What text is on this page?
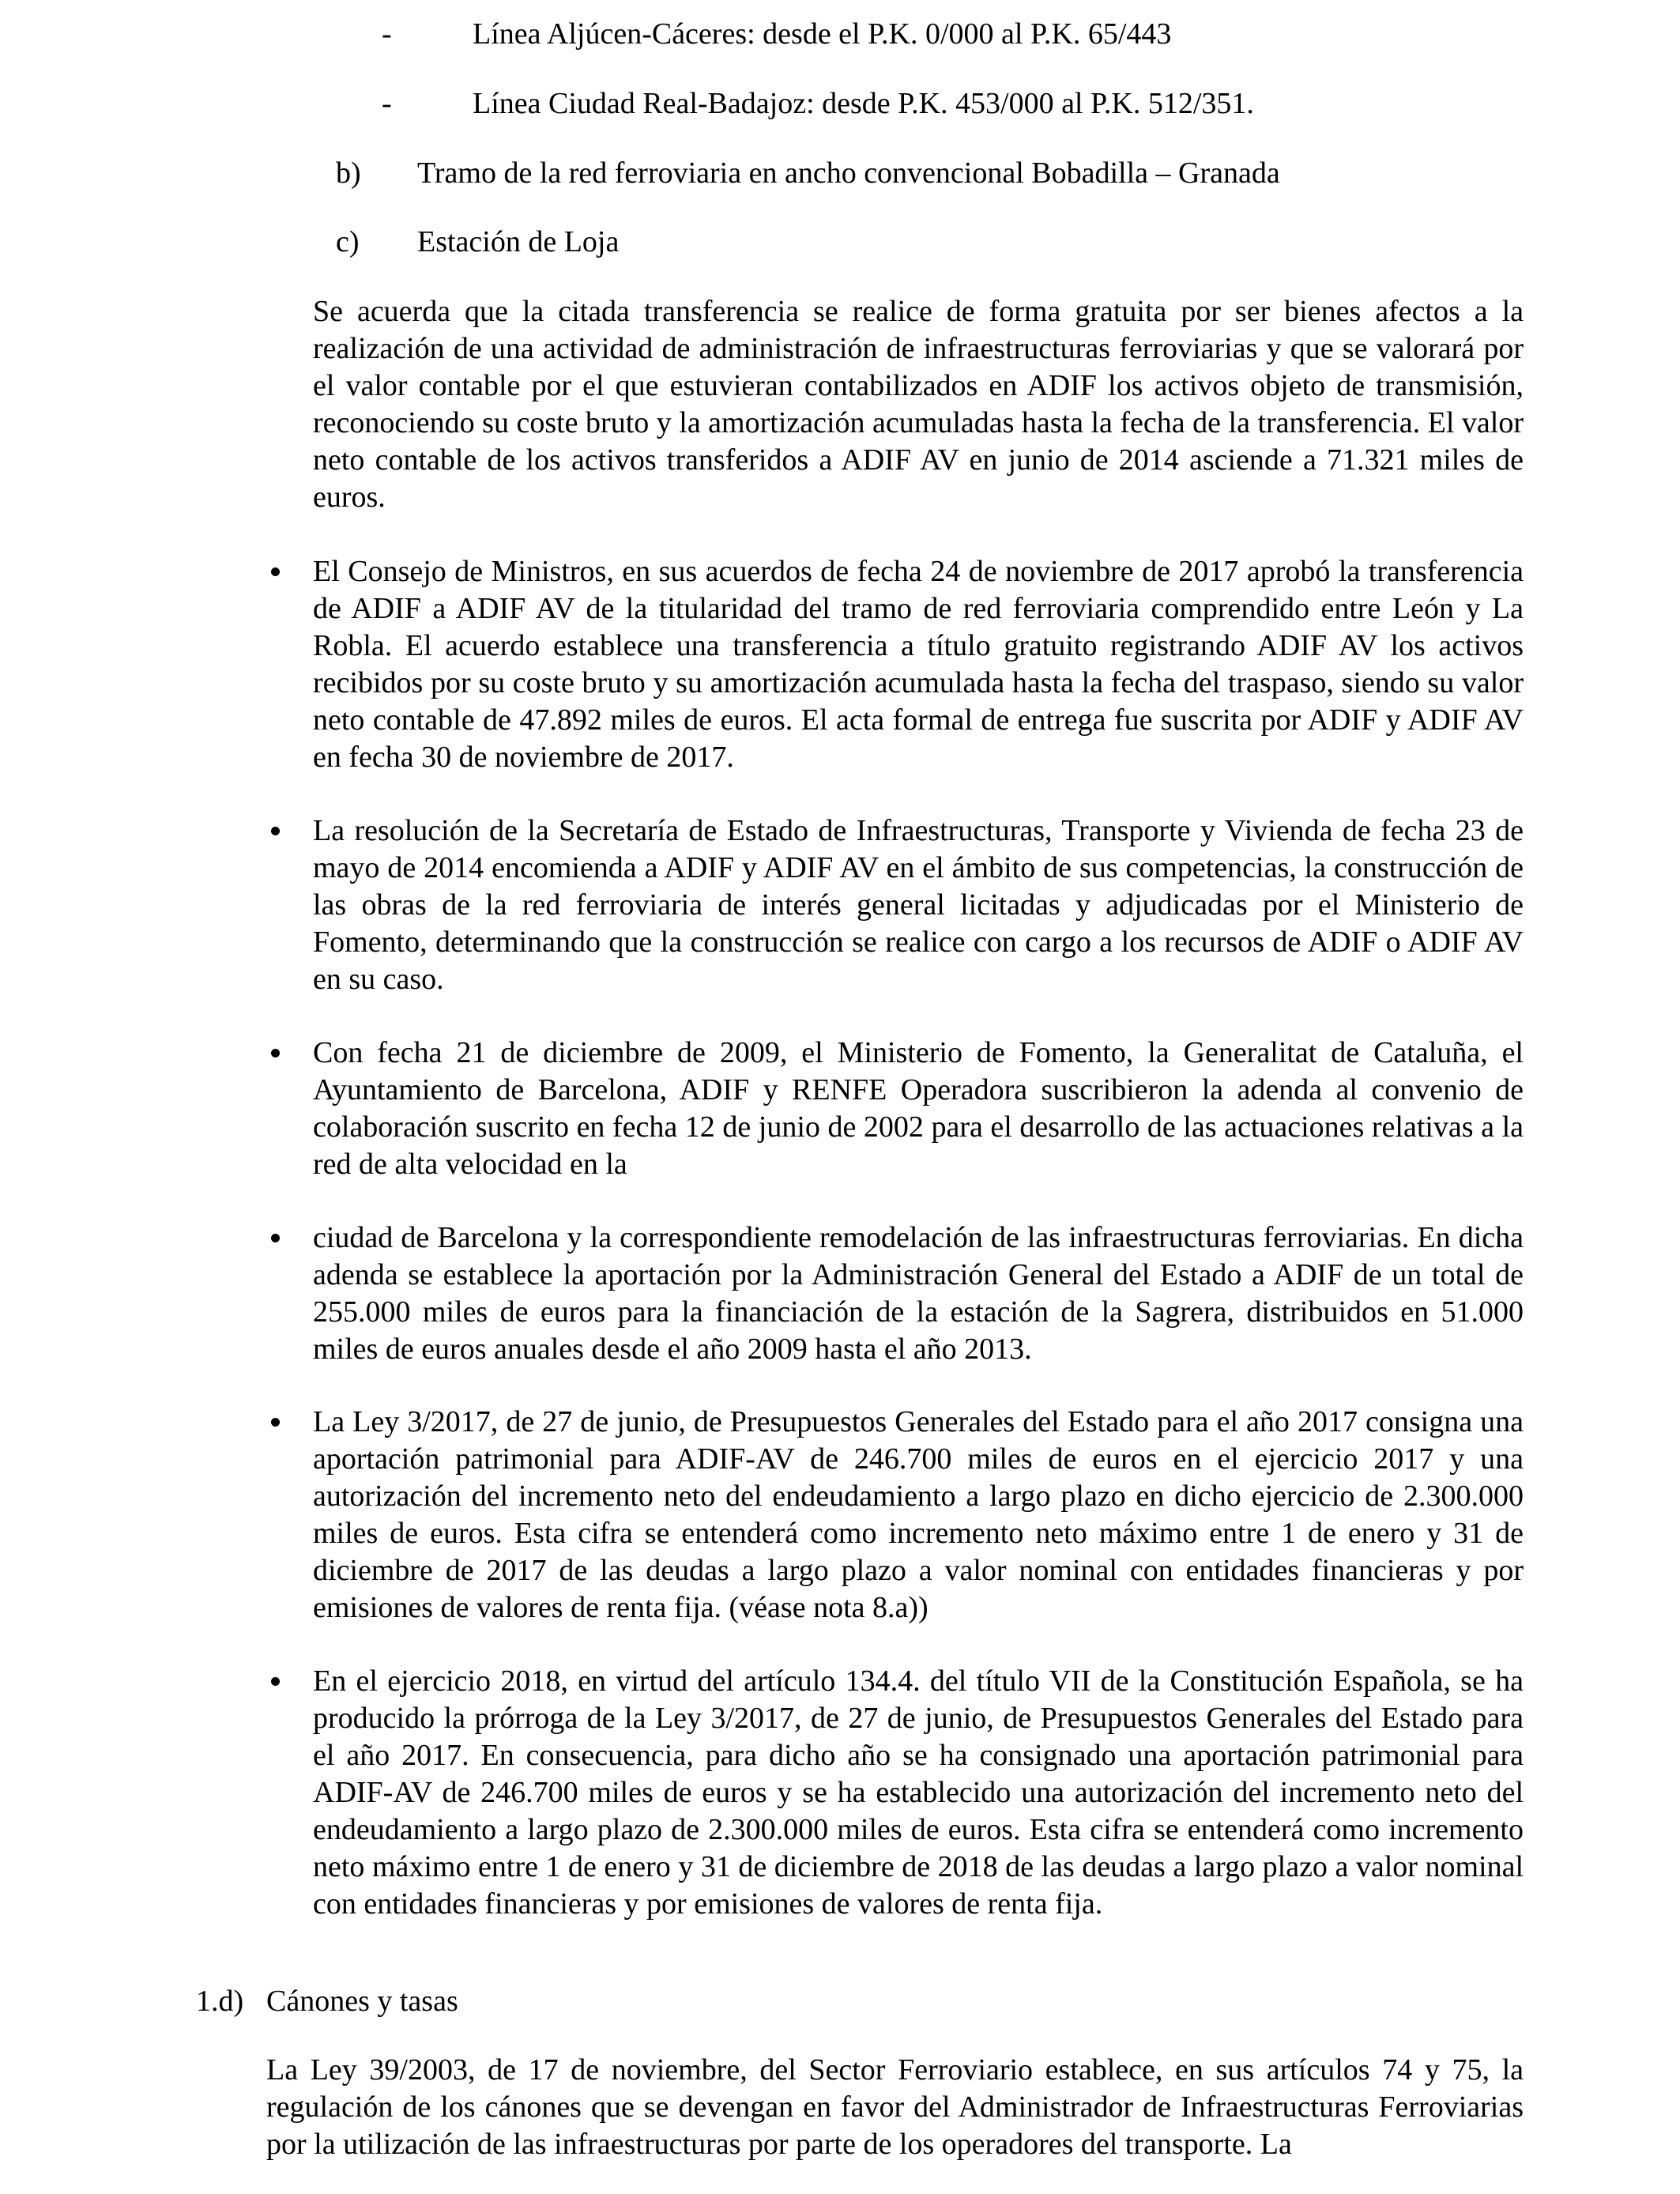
-	Línea Aljúcen-Cáceres: desde el P.K. 0/000 al P.K. 65/443
-	Línea Ciudad Real-Badajoz: desde P.K. 453/000 al P.K. 512/351.
b) Tramo de la red ferroviaria en ancho convencional Bobadilla – Granada
c) Estación de Loja
Se acuerda que la citada transferencia se realice de forma gratuita por ser bienes afectos a la realización de una actividad de administración de infraestructuras ferroviarias y que se valorará por el valor contable por el que estuvieran contabilizados en ADIF los activos objeto de transmisión, reconociendo su coste bruto y la amortización acumuladas hasta la fecha de la transferencia. El valor neto contable de los activos transferidos a ADIF AV en junio de 2014 asciende a 71.321 miles de euros.
El Consejo de Ministros, en sus acuerdos de fecha 24 de noviembre de 2017 aprobó la transferencia de ADIF a ADIF AV de la titularidad del tramo de red ferroviaria comprendido entre León y La Robla. El acuerdo establece una transferencia a título gratuito registrando ADIF AV los activos recibidos por su coste bruto y su amortización acumulada hasta la fecha del traspaso, siendo su valor neto contable de 47.892 miles de euros. El acta formal de entrega fue suscrita por ADIF y ADIF AV en fecha 30 de noviembre de 2017.
La resolución de la Secretaría de Estado de Infraestructuras, Transporte y Vivienda de fecha 23 de mayo de 2014 encomienda a ADIF y ADIF AV en el ámbito de sus competencias, la construcción de las obras de la red ferroviaria de interés general licitadas y adjudicadas por el Ministerio de Fomento, determinando que la construcción se realice con cargo a los recursos de ADIF o ADIF AV en su caso.
Con fecha 21 de diciembre de 2009, el Ministerio de Fomento, la Generalitat de Cataluña, el Ayuntamiento de Barcelona, ADIF y RENFE Operadora suscribieron la adenda al convenio de colaboración suscrito en fecha 12 de junio de 2002 para el desarrollo de las actuaciones relativas a la red de alta velocidad en la
ciudad de Barcelona y la correspondiente remodelación de las infraestructuras ferroviarias. En dicha adenda se establece la aportación por la Administración General del Estado a ADIF de un total de 255.000 miles de euros para la financiación de la estación de la Sagrera, distribuidos en 51.000 miles de euros anuales desde el año 2009 hasta el año 2013.
La Ley 3/2017, de 27 de junio, de Presupuestos Generales del Estado para el año 2017 consigna una aportación patrimonial para ADIF-AV de 246.700 miles de euros en el ejercicio 2017 y una autorización del incremento neto del endeudamiento a largo plazo en dicho ejercicio de 2.300.000 miles de euros. Esta cifra se entenderá como incremento neto máximo entre 1 de enero y 31 de diciembre de 2017 de las deudas a largo plazo a valor nominal con entidades financieras y por emisiones de valores de renta fija. (véase nota 8.a))
En el ejercicio 2018, en virtud del artículo 134.4. del título VII de la Constitución Española, se ha producido la prórroga de la Ley 3/2017, de 27 de junio, de Presupuestos Generales del Estado para el año 2017. En consecuencia, para dicho año se ha consignado una aportación patrimonial para ADIF-AV de 246.700 miles de euros y se ha establecido una autorización del incremento neto del endeudamiento a largo plazo de 2.300.000 miles de euros. Esta cifra se entenderá como incremento neto máximo entre 1 de enero y 31 de diciembre de 2018 de las deudas a largo plazo a valor nominal con entidades financieras y por emisiones de valores de renta fija.
1.d) Cánones y tasas
La Ley 39/2003, de 17 de noviembre, del Sector Ferroviario establece, en sus artículos 74 y 75, la regulación de los cánones que se devengan en favor del Administrador de Infraestructuras Ferroviarias por la utilización de las infraestructuras por parte de los operadores del transporte. La
